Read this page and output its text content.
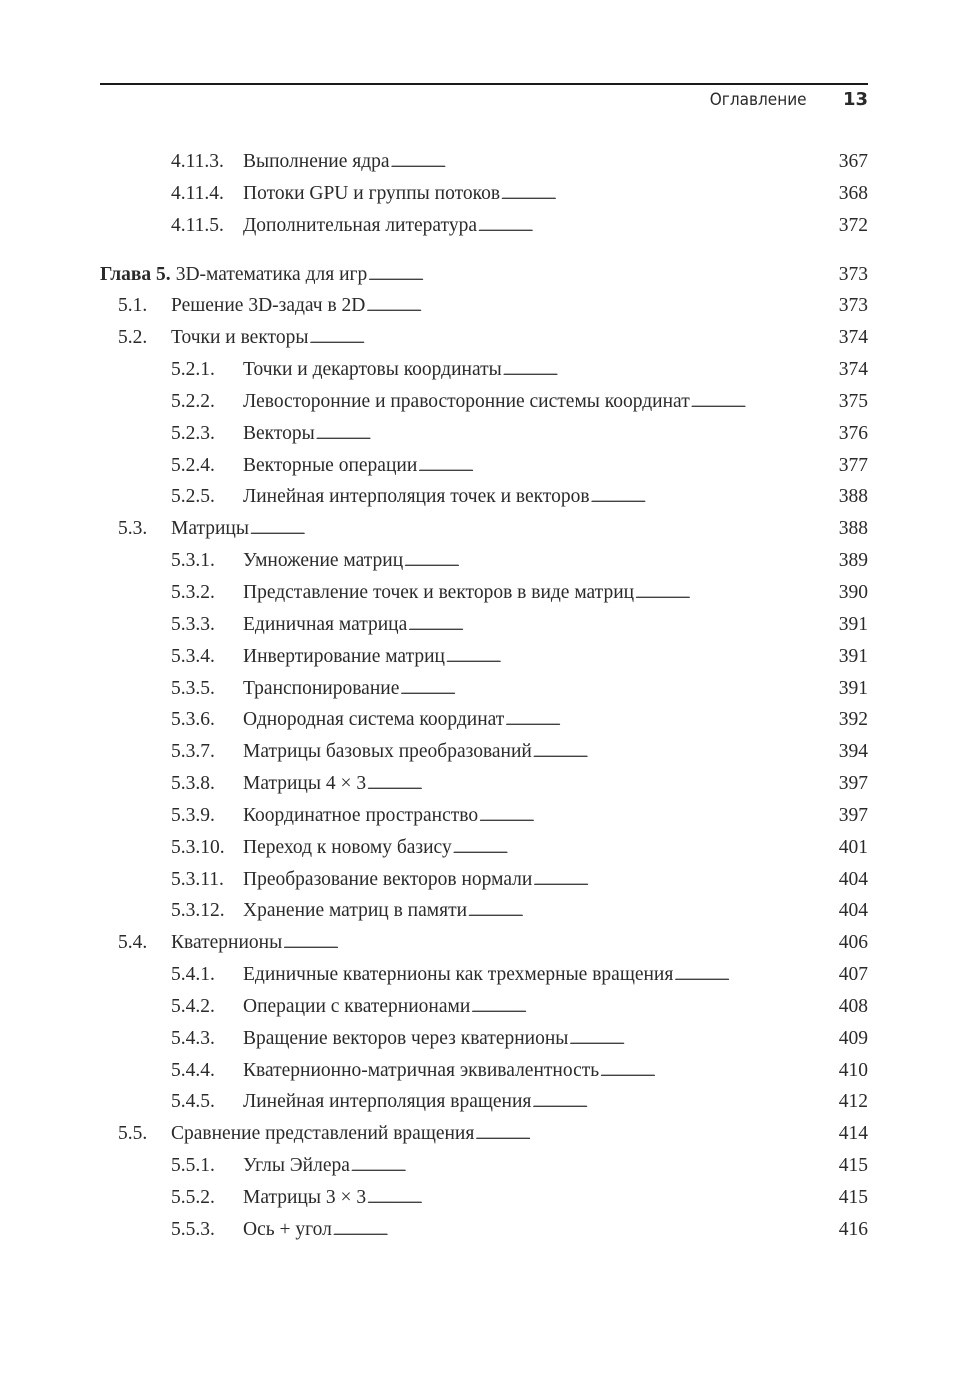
Оглавление 13
4.11.3. Выполнение ядра . . .	367
4.11.4. Потоки GPU и группы потоков . . .	368
4.11.5. Дополнительная литература . . .	372
Глава 5. 3D-математика для игр . . .	373
5.1.	Решение 3D-задач в 2D . . .	373
5.2.	Точки и векторы . . .	374
5.2.1.	Точки и декартовы координаты . . .	374
5.2.2.	Левосторонние и правосторонние системы координат . . .	375
5.2.3.	Векторы . . .	376
5.2.4.	Векторные операции . . .	377
5.2.5.	Линейная интерполяция точек и векторов . . .	388
5.3.	Матрицы . . .	388
5.3.1.	Умножение матриц . . .	389
5.3.2.	Представление точек и векторов в виде матриц . . .	390
5.3.3.	Единичная матрица . . .	391
5.3.4.	Инвертирование матриц . . .	391
5.3.5.	Транспонирование . . .	391
5.3.6.	Однородная система координат . . .	392
5.3.7.	Матрицы базовых преобразований . . .	394
5.3.8.	Матрицы 4 × 3 . . .	397
5.3.9.	Координатное пространство . . .	397
5.3.10. Переход к новому базису . . .	401
5.3.11. Преобразование векторов нормали . . .	404
5.3.12. Хранение матриц в памяти . . .	404
5.4.	Кватернионы . . .	406
5.4.1.	Единичные кватернионы как трехмерные вращения . . .	407
5.4.2.	Операции с кватернионами . . .	408
5.4.3.	Вращение векторов через кватернионы . . .	409
5.4.4.	Кватернионно-матричная эквивалентность . . .	410
5.4.5.	Линейная интерполяция вращения . . .	412
5.5.	Сравнение представлений вращения . . .	414
5.5.1.	Углы Эйлера . . .	415
5.5.2.	Матрицы 3 × 3 . . .	415
5.5.3.	Ось + угол . . .	416
